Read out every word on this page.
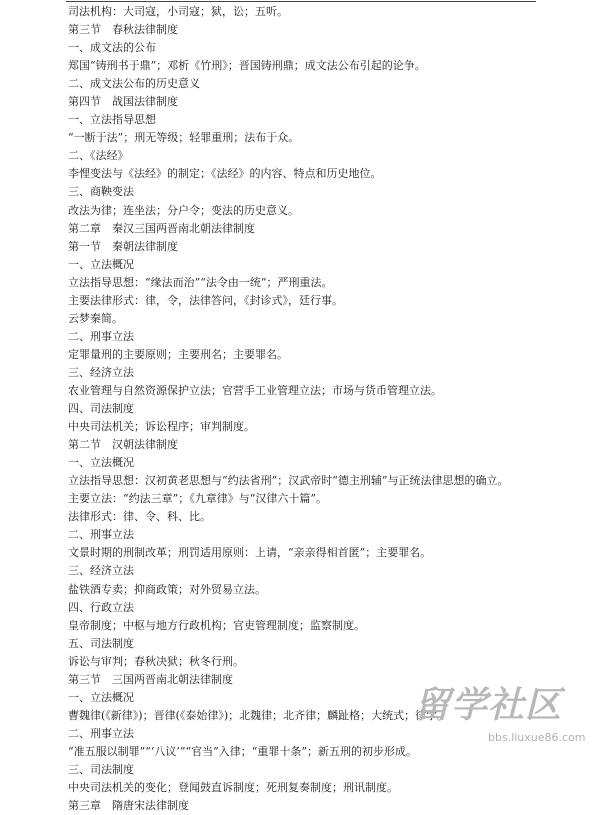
司法机构：大司寇，小司寇；狱，讼；五听。
第三节　春秋法律制度
一、成文法的公布
郑国“铸刑书于鼎”；邓析《竹刑》；晋国铸刑鼎；成文法公布引起的论争。
二、成文法公布的历史意义
第四节　战国法律制度
一、立法指导思想
“一断于法”；刑无等级；轻罪重刑；法布于众。
二、《法经》
李悝变法与《法经》的制定；《法经》的内容、特点和历史地位。
三、商鞅变法
改法为律；连坐法；分户令；变法的历史意义。
第二章　秦汉三国两晋南北朝法律制度
第一节　秦朝法律制度
一、立法概况
立法指导思想：“缘法而治”“法令由一统”；严刑重法。
主要法律形式：律，令，法律答问，《封诊式》，廷行事。
云梦秦简。
二、刑事立法
定罪量刑的主要原则；主要刑名；主要罪名。
三、经济立法
农业管理与自然资源保护立法；官营手工业管理立法；市场与货币管理立法。
四、司法制度
中央司法机关；诉讼程序；审判制度。
第二节　汉朝法律制度
一、立法概况
立法指导思想：汉初黄老思想与“约法省刑”；汉武帝时“德主刑辅”与正统法律思想的确立。
主要立法：“约法三章”；《九章律》与“汉律六十篇”。
法律形式：律、令、科、比。
二、刑事立法
文景时期的刑制改革；刑罚适用原则：上请，“亲亲得相首匿”；主要罪名。
三、经济立法
盐铁酒专卖；抑商政策；对外贸易立法。
四、行政立法
皇帝制度；中枢与地方行政机构；官吏管理制度；监察制度。
五、司法制度
诉讼与审判；春秋决狱；秋冬行刑。
第三节　三国两晋南北朝法律制度
一、立法概况
曹魏律(《新律》)；晋律(《泰始律》)；北魏律；北齐律；麟趾格；大统式；律学。
二、刑事立法
“准五服以制罪”“‘八议’”“官当”入律；“重罪十条”；新五刑的初步形成。
三、司法制度
中央司法机关的变化；登闻鼓直诉制度；死刑复奏制度；刑讯制度。
第三章　隋唐宋法律制度
留学社区
bbs.liuxue86.com
